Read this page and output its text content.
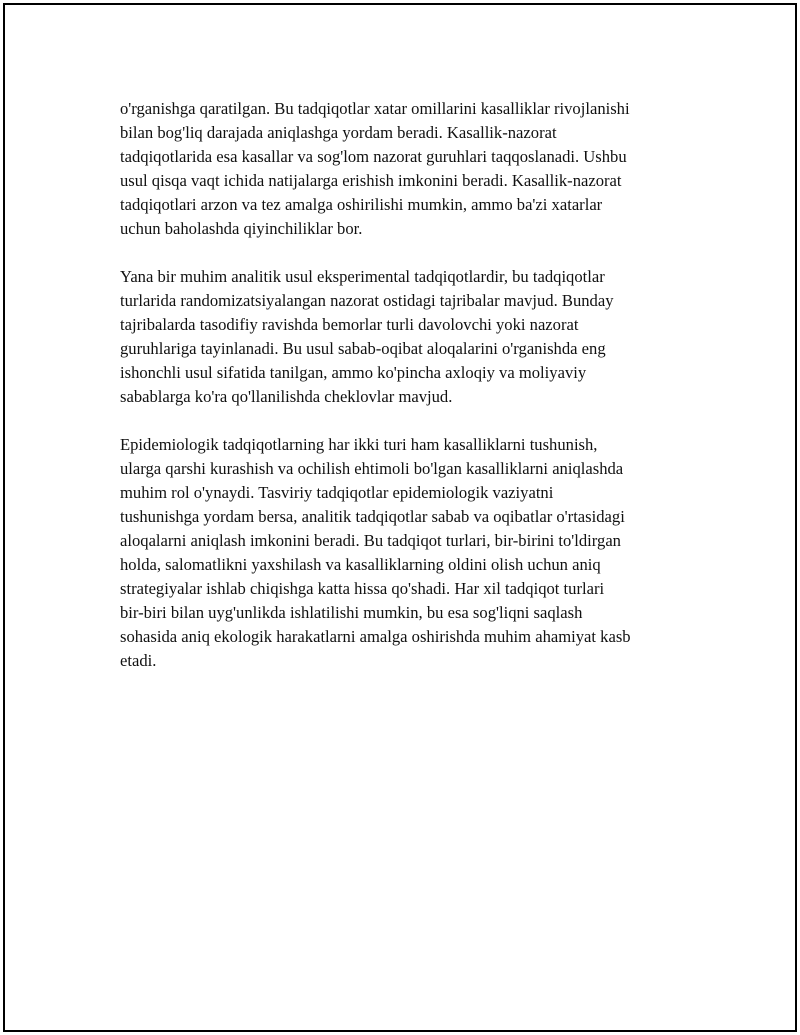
o'rganishga qaratilgan. Bu tadqiqotlar xatar omillarini kasalliklar rivojlanishi
bilan bog'liq darajada aniqlashga yordam beradi. Kasallik-nazorat
tadqiqotlarida esa kasallar va sog'lom nazorat guruhlari taqqoslanadi. Ushbu
usul qisqa vaqt ichida natijalarga erishish imkonini beradi. Kasallik-nazorat
tadqiqotlari arzon va tez amalga oshirilishi mumkin, ammo ba'zi xatarlar
uchun baholashda qiyinchiliklar bor.

Yana bir muhim analitik usul eksperimental tadqiqotlardir, bu tadqiqotlar
turlarida randomizatsiyalangan nazorat ostidagi tajribalar mavjud. Bunday
tajribalarda tasodifiy ravishda bemorlar turli davolovchi yoki nazorat
guruhlariga tayinlanadi. Bu usul sabab-oqibat aloqalarini o'rganishda eng
ishonchli usul sifatida tanilgan, ammo ko'pincha axloqiy va moliyaviy
sabablarga ko'ra qo'llanilishda cheklovlar mavjud.

Epidemiologik tadqiqotlarning har ikki turi ham kasalliklarni tushunish,
ularga qarshi kurashish va ochilish ehtimoli bo'lgan kasalliklarni aniqlashda
muhim rol o'ynaydi. Tasviriy tadqiqotlar epidemiologik vaziyatni
tushunishga yordam bersa, analitik tadqiqotlar sabab va oqibatlar o'rtasidagi
aloqalarni aniqlash imkonini beradi. Bu tadqiqot turlari, bir-birini to'ldirgan
holda, salomatlikni yaxshilash va kasalliklarning oldini olish uchun aniq
strategiyalar ishlab chiqishga katta hissa qo'shadi. Har xil tadqiqot turlari
bir-biri bilan uyg'unlikda ishlatilishi mumkin, bu esa sog'liqni saqlash
sohasida aniq ekologik harakatlarni amalga oshirishda muhim ahamiyat kasb
etadi.
